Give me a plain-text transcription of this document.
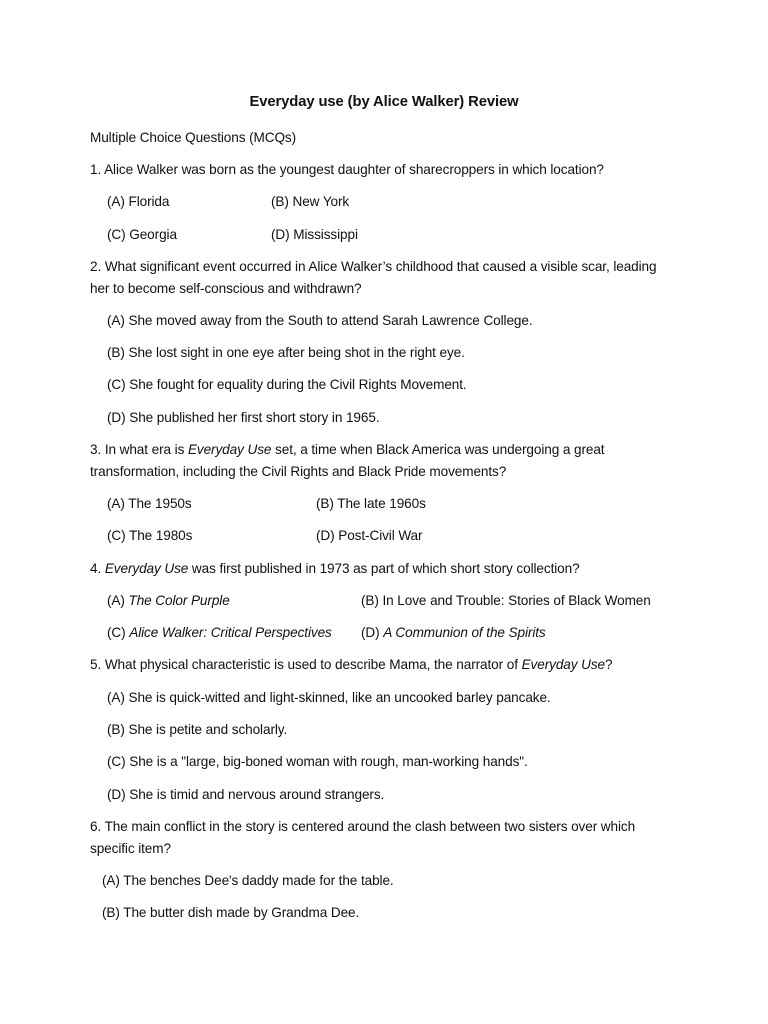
Everyday use (by Alice Walker) Review
Multiple Choice Questions (MCQs)
1. Alice Walker was born as the youngest daughter of sharecroppers in which location?
(A) Florida	(B) New York
(C) Georgia	(D) Mississippi
2. What significant event occurred in Alice Walker’s childhood that caused a visible scar, leading
her to become self-conscious and withdrawn?
(A) She moved away from the South to attend Sarah Lawrence College.
(B) She lost sight in one eye after being shot in the right eye.
(C) She fought for equality during the Civil Rights Movement.
(D) She published her first short story in 1965.
3. In what era is Everyday Use set, a time when Black America was undergoing a great
transformation, including the Civil Rights and Black Pride movements?
(A) The 1950s	(B) The late 1960s
(C) The 1980s	(D) Post-Civil War
4. Everyday Use was first published in 1973 as part of which short story collection?
(A) The Color Purple	(B) In Love and Trouble: Stories of Black Women
(C) Alice Walker: Critical Perspectives (D) A Communion of the Spirits
5. What physical characteristic is used to describe Mama, the narrator of Everyday Use?
(A) She is quick-witted and light-skinned, like an uncooked barley pancake.
(B) She is petite and scholarly.
(C) She is a "large, big-boned woman with rough, man-working hands".
(D) She is timid and nervous around strangers.
6. The main conflict in the story is centered around the clash between two sisters over which
specific item?
(A) The benches Dee's daddy made for the table.
(B) The butter dish made by Grandma Dee.
